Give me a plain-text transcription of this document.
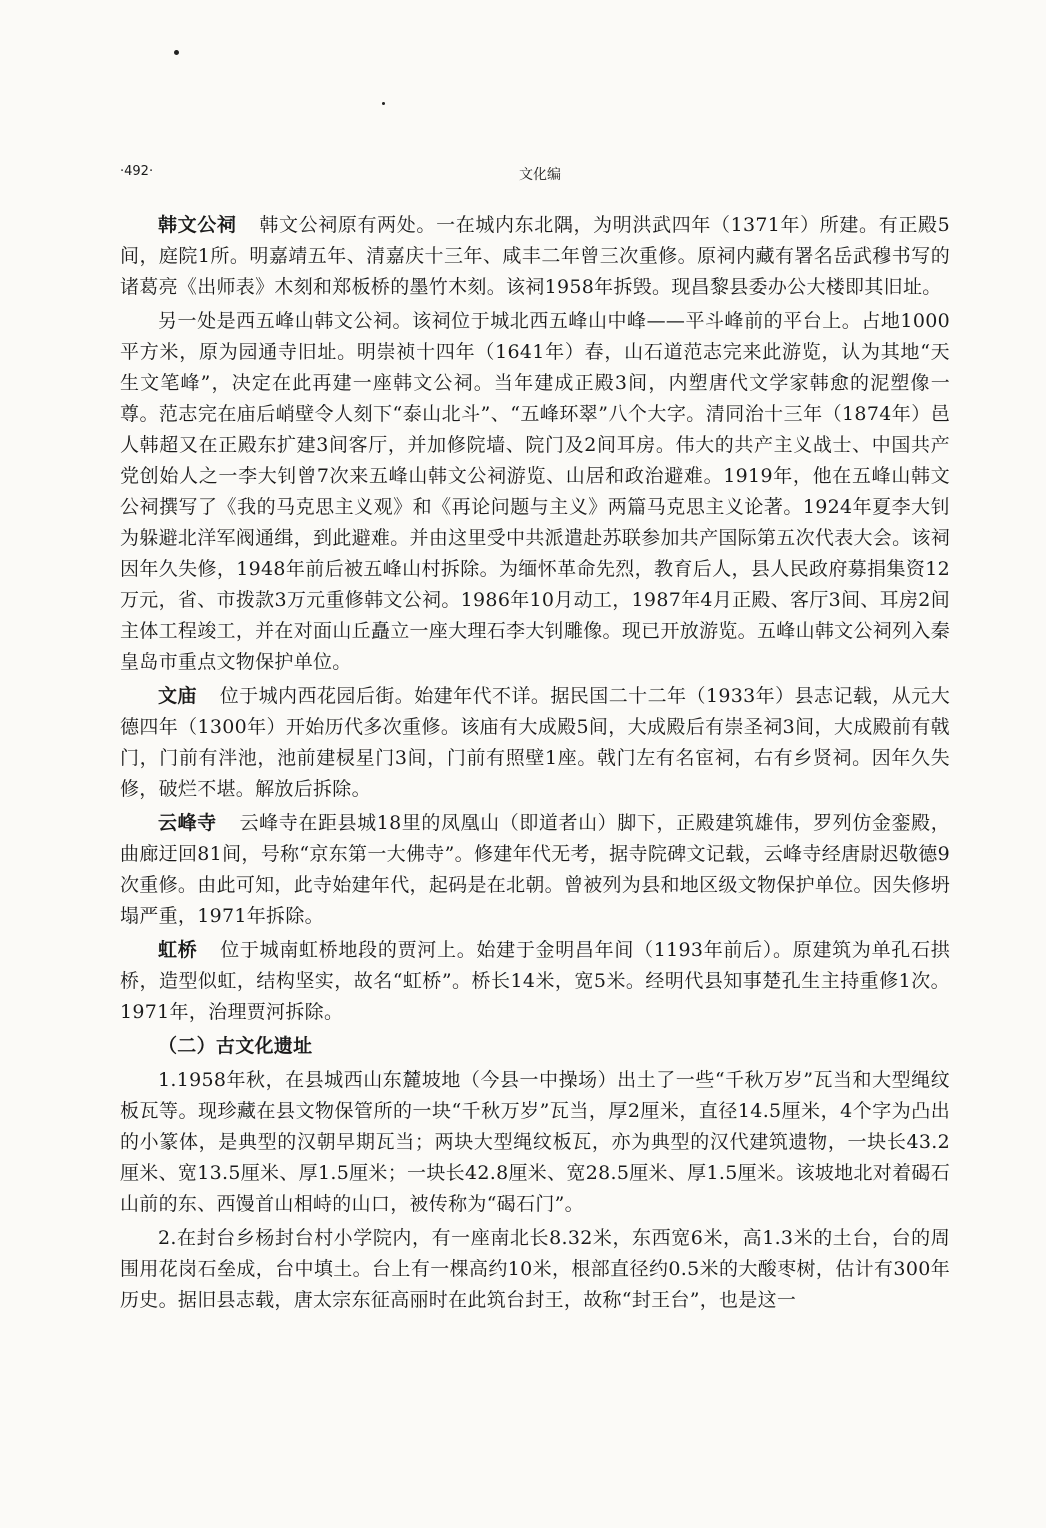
·492·	文化编

韩文公祠 韩文公祠原有两处。一在城内东北隅，为明洪武四年（1371年）所建。有正殿5间，庭院1所。明嘉靖五年、清嘉庆十三年、咸丰二年曾三次重修。原祠内藏有署名岳武穆书写的诸葛亮《出师表》木刻和郑板桥的墨竹木刻。该祠1958年拆毁。现昌黎县委办公大楼即其旧址。

另一处是西五峰山韩文公祠。该祠位于城北西五峰山中峰——平斗峰前的平台上。占地1000平方米，原为园通寺旧址。明崇祯十四年（1641年）春，山石道范志完来此游览，认为其地“天生文笔峰”，决定在此再建一座韩文公祠。当年建成正殿3间，内塑唐代文学家韩愈的泥塑像一尊。范志完在庙后峭壁令人刻下“泰山北斗”、“五峰环翠”八个大字。清同治十三年（1874年）邑人韩超又在正殿东扩建3间客厅，并加修院墙、院门及2间耳房。伟大的共产主义战士、中国共产党创始人之一李大钊曾7次来五峰山韩文公祠游览、山居和政治避难。1919年，他在五峰山韩文公祠撰写了《我的马克思主义观》和《再论问题与主义》两篇马克思主义论著。1924年夏李大钊为躲避北洋军阀通缉，到此避难。并由这里受中共派遣赴苏联参加共产国际第五次代表大会。该祠因年久失修，1948年前后被五峰山村拆除。为缅怀革命先烈，教育后人，县人民政府募捐集资12万元，省、市拨款3万元重修韩文公祠。1986年10月动工，1987年4月正殿、客厅3间、耳房2间主体工程竣工，并在对面山丘矗立一座大理石李大钊雕像。现已开放游览。五峰山韩文公祠列入秦皇岛市重点文物保护单位。

文庙 位于城内西花园后街。始建年代不详。据民国二十二年（1933年）县志记载，从元大德四年（1300年）开始历代多次重修。该庙有大成殿5间，大成殿后有崇圣祠3间，大成殿前有戟门，门前有泮池，池前建棂星门3间，门前有照壁1座。戟门左有名宦祠，右有乡贤祠。因年久失修，破烂不堪。解放后拆除。

云峰寺 云峰寺在距县城18里的凤凰山（即道者山）脚下，正殿建筑雄伟，罗列仿金銮殿，曲廊迂回81间，号称“京东第一大佛寺”。修建年代无考，据寺院碑文记载，云峰寺经唐尉迟敬德9次重修。由此可知，此寺始建年代，起码是在北朝。曾被列为县和地区级文物保护单位。因失修坍塌严重，1971年拆除。

虹桥 位于城南虹桥地段的贾河上。始建于金明昌年间（1193年前后）。原建筑为单孔石拱桥，造型似虹，结构坚实，故名“虹桥”。桥长14米，宽5米。经明代县知事楚孔生主持重修1次。1971年，治理贾河拆除。

（二）古文化遗址

1.1958年秋，在县城西山东麓坡地（今县一中操场）出土了一些“千秋万岁”瓦当和大型绳纹板瓦等。现珍藏在县文物保管所的一块“千秋万岁”瓦当，厚2厘米，直径14.5厘米，4个字为凸出的小篆体，是典型的汉朝早期瓦当；两块大型绳纹板瓦，亦为典型的汉代建筑遗物，一块长43.2厘米、宽13.5厘米、厚1.5厘米；一块长42.8厘米、宽28.5厘米、厚1.5厘米。该坡地北对着碣石山前的东、西馒首山相峙的山口，被传称为“碣石门”。

2.在封台乡杨封台村小学院内，有一座南北长8.32米，东西宽6米，高1.3米的土台，台的周围用花岗石垒成，台中填土。台上有一棵高约10米，根部直径约0.5米的大酸枣树，估计有300年历史。据旧县志载，唐太宗东征高丽时在此筑台封王，故称“封王台”，也是这一
